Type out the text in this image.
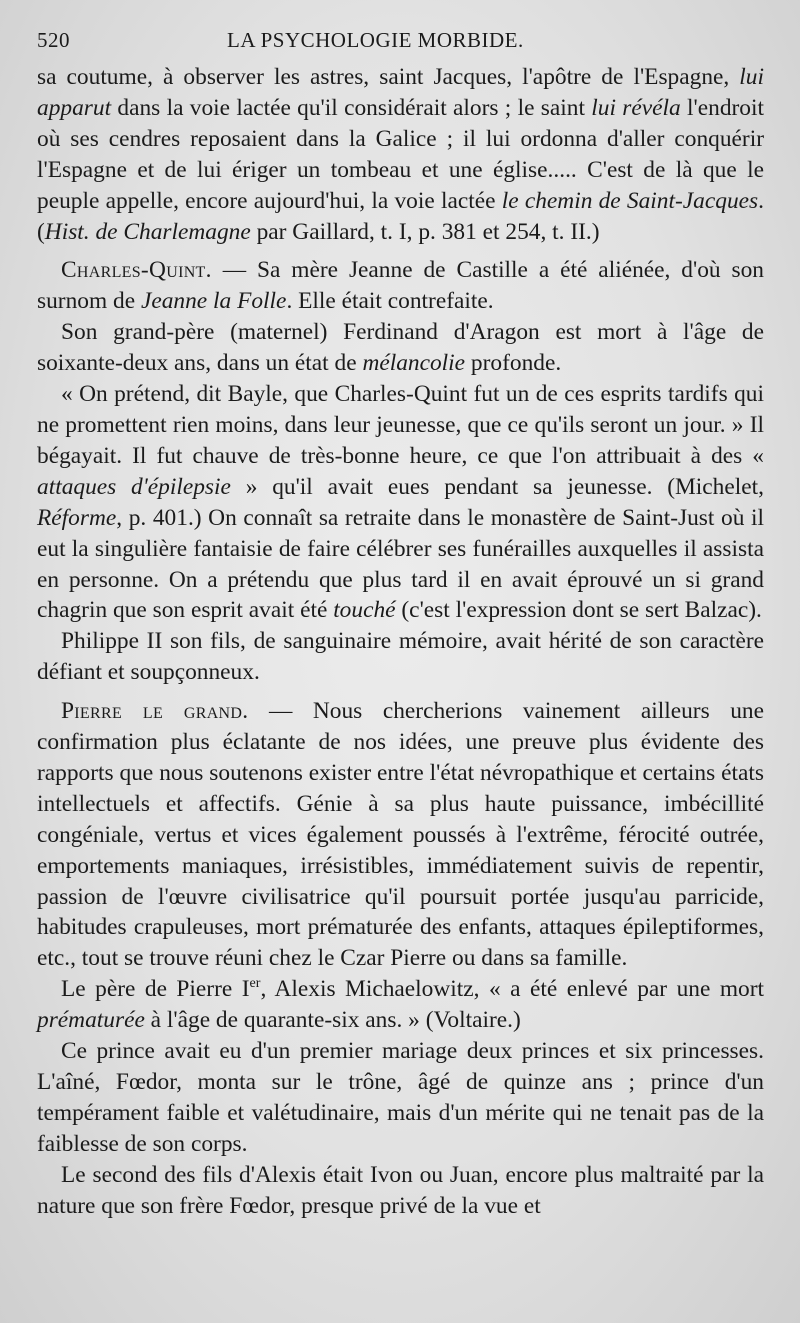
520	LA PSYCHOLOGIE MORBIDE.

sa coutume, à observer les astres, saint Jacques, l'apôtre de l'Espagne, lui apparut dans la voie lactée qu'il considérait alors ; le saint lui révéla l'endroit où ses cendres reposaient dans la Galice ; il lui ordonna d'aller conquérir l'Espagne et de lui ériger un tombeau et une église..... C'est de là que le peuple appelle, encore aujourd'hui, la voie lactée le chemin de Saint-Jacques. (Hist. de Charlemagne par Gaillard, t. I, p. 381 et 254, t. II.)

Charles-Quint. — Sa mère Jeanne de Castille a été aliénée, d'où son surnom de Jeanne la Folle. Elle était contrefaite.

Son grand-père (maternel) Ferdinand d'Aragon est mort à l'âge de soixante-deux ans, dans un état de mélancolie profonde.

« On prétend, dit Bayle, que Charles-Quint fut un de ces esprits tardifs qui ne promettent rien moins, dans leur jeunesse, que ce qu'ils seront un jour. » Il bégayait. Il fut chauve de très-bonne heure, ce que l'on attribuait à des « attaques d'épilepsie » qu'il avait eues pendant sa jeunesse. (Michelet, Réforme, p. 401.) On connaît sa retraite dans le monastère de Saint-Just où il eut la singulière fantaisie de faire célébrer ses funérailles auxquelles il assista en personne. On a prétendu que plus tard il en avait éprouvé un si grand chagrin que son esprit avait été touché (c'est l'expression dont se sert Balzac).

Philippe II son fils, de sanguinaire mémoire, avait hérité de son caractère défiant et soupçonneux.

Pierre le grand. — Nous chercherions vainement ailleurs une confirmation plus éclatante de nos idées, une preuve plus évidente des rapports que nous soutenons exister entre l'état névropathique et certains états intellectuels et affectifs. Génie à sa plus haute puissance, imbécillité congéniale, vertus et vices également poussés à l'extrême, férocité outrée, emportements maniaques, irrésistibles, immédiatement suivis de repentir, passion de l'œuvre civilisatrice qu'il poursuit portée jusqu'au parricide, habitudes crapuleuses, mort prématurée des enfants, attaques épileptiformes, etc., tout se trouve réuni chez le Czar Pierre ou dans sa famille.

Le père de Pierre Ier, Alexis Michaelowitz, « a été enlevé par une mort prématurée à l'âge de quarante-six ans. » (Voltaire.)

Ce prince avait eu d'un premier mariage deux princes et six princesses. L'aîné, Fœdor, monta sur le trône, âgé de quinze ans ; prince d'un tempérament faible et valétudinaire, mais d'un mérite qui ne tenait pas de la faiblesse de son corps.

Le second des fils d'Alexis était Ivon ou Juan, encore plus maltraité par la nature que son frère Fœdor, presque privé de la vue et
